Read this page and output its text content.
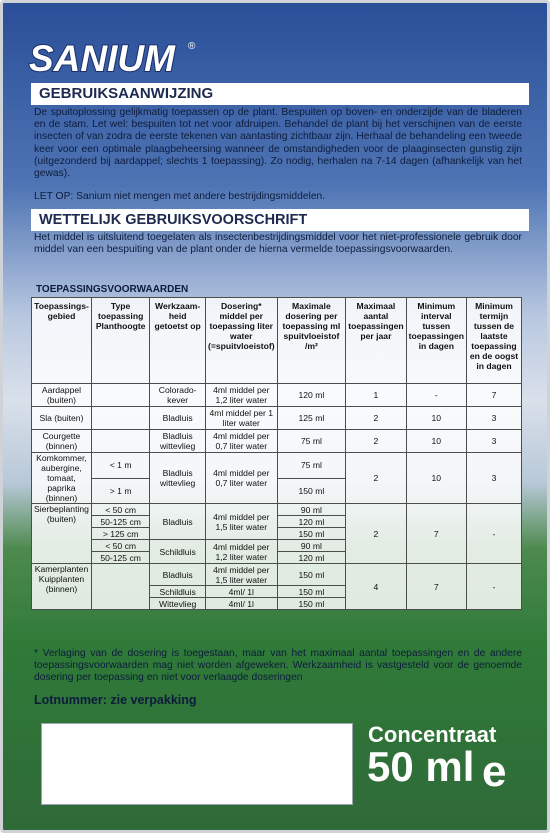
SANIUM ®
GEBRUIKSAANWIJZING
De spuitoplossing gelijkmatig toepassen op de plant. Bespuiten op boven- en onderzijde van de bladeren en de stam. Let wel: bespuiten tot net voor afdruipen. Behandel de plant bij het verschijnen van de eerste insecten of van zodra de eerste tekenen van aantasting zichtbaar zijn. Herhaal de behandeling een tweede keer voor een optimale plaagbeheersing wanneer de omstandigheden voor de plaaginsecten gunstig zijn (uitgezonderd bij aardappel; slechts 1 toepassing). Zo nodig, herhalen na 7-14 dagen (afhankelijk van het gewas).
LET OP: Sanium niet mengen met andere bestrijdingsmiddelen.
WETTELIJK GEBRUIKSVOORSCHRIFT
Het middel is uitsluitend toegelaten als insectenbestrijdingsmiddel voor het niet-professionele gebruik door middel van een bespuiting van de plant onder de hierna vermelde toepassingsvoorwaarden.
TOEPASSINGSVOORWAARDEN
Toepassings-gebied	Type toepassing Planthoogte	Werkzaam-heid getoetst op	Dosering* middel per toepassing liter water (=spuitvloeistof)	Maximale dosering per toepassing ml spuitvloeistof /m²	Maximaal aantal toepassingen per jaar	Minimum interval tussen toepassingen in dagen	Minimum termijn tussen de laatste toepassing en de oogst in dagen
Aardappel (buiten)		Colorado-kever	4ml middel per 1,2 liter water	120 ml	1	-	7
Sla (buiten)		Bladluis	4ml middel per 1 liter water	125 ml	2	10	3
Courgette (binnen)		Bladluis wittevlieg	4ml middel per 0,7 liter water	75 ml	2	10	3
Komkommer, aubergine, tomaat, paprika (binnen)	< 1 m	Bladluis wittevlieg	4ml middel per 0,7 liter water	75 ml	2	10	3
	> 1 m			150 ml			
Sierbeplanting (buiten)	< 50 cm	Bladluis	4ml middel per 1,5 liter water	90 ml	2	7	-
	50-125 cm			120 ml			
	> 125 cm			150 ml			
	< 50 cm	Schildluis	4ml middel per 1,2 liter water	90 ml			
	50-125 cm			120 ml			
Kamerplanten Kuipplanten (binnen)		Bladluis	4ml middel per 1,5 liter water	150 ml	4	7	-
		Schildluis	4ml/ 1l	150 ml			
		Wittevlieg	4ml/ 1l	150 ml			
* Verlaging van de dosering is toegestaan, maar van het maximaal aantal toepassingen en de andere toepassingsvoorwaarden mag niet worden afgeweken. Werkzaamheid is vastgesteld voor de genoemde dosering per toepassing en niet voor verlaagde doseringen
Lotnummer: zie verpakking
Concentraat
50 ml e
